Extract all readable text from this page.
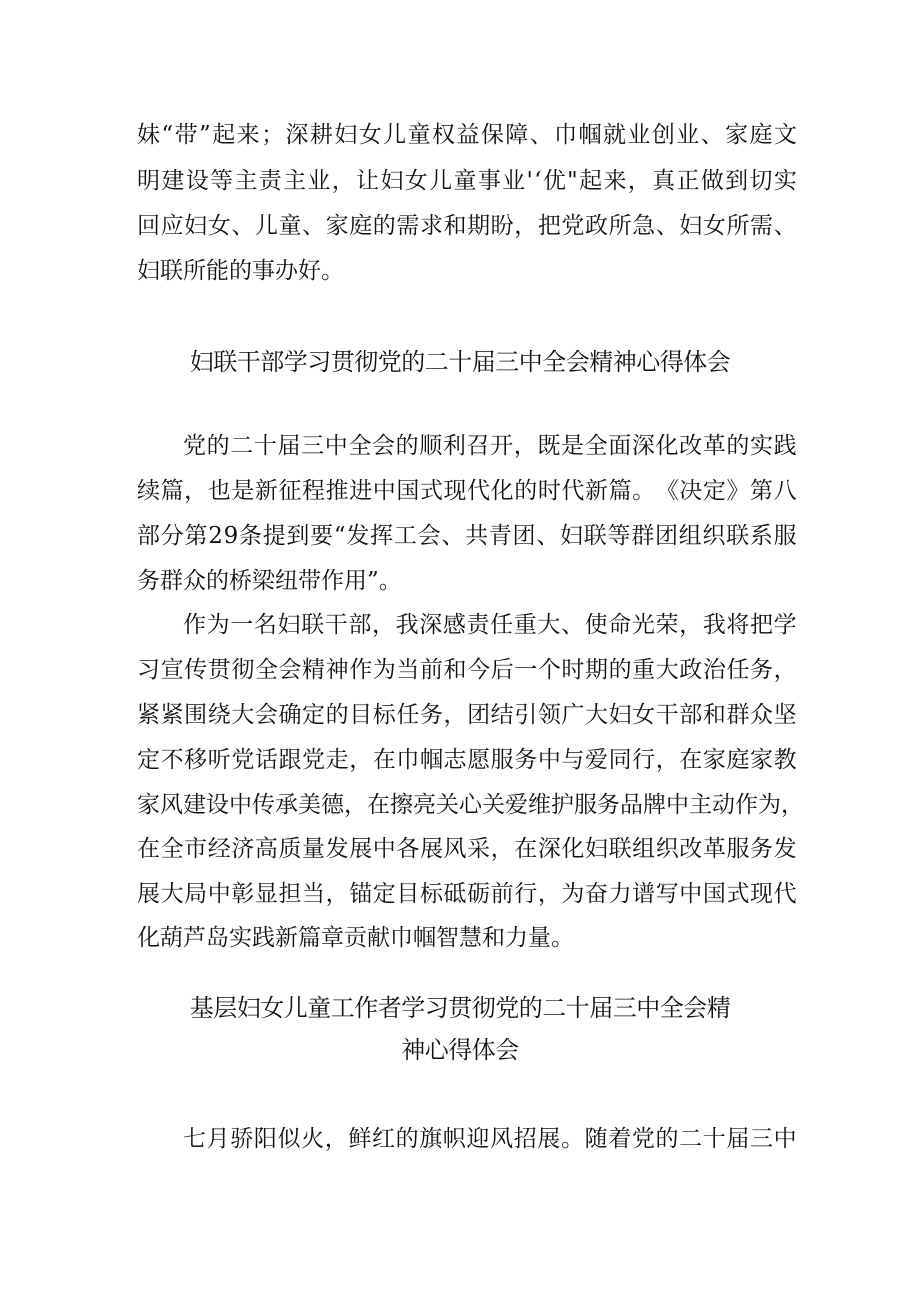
妹 “ 带 ” 起 来 ； 深 耕 妇 女 儿 童 权 益 保 障 、 巾 帼 就 业 创 业 、 家 庭 文
明 建 设 等 主 责 主 业 ， 让 妇 女 儿 童 事 业 ' ‘ 优 " 起 来 ， 真 正 做 到 切 实
回 应 妇 女 、 儿 童 、 家 庭 的 需 求 和 期 盼 ， 把 党 政 所 急 、 妇 女 所 需 、
妇联所能的事办好。
妇联干部学习贯彻党的二十届三中全会精神心得体会
党 的 二 十 届 三 中 全 会 的 顺 利 召 开 ， 既 是 全 面 深 化 改 革 的 实 践
续 篇 ， 也 是 新 征 程 推 进 中 国 式 现 代 化 的 时 代 新 篇 。 《 决 定 》 第 八
部 分 第 2 9 条 提 到 要 “ 发 挥 工 会 、 共 青 团 、 妇 联 等 群 团 组 织 联 系 服
务群众的桥梁纽带作用”。
作 为 一 名 妇 联 干 部 ， 我 深 感 责 任 重 大 、 使 命 光 荣 ， 我 将 把 学
习 宣 传 贯 彻 全 会 精 神 作 为 当 前 和 今 后 一 个 时 期 的 重 大 政 治 任 务 ，
紧 紧 围 绕 大 会 确 定 的 目 标 任 务 ， 团 结 引 领 广 大 妇 女 干 部 和 群 众 坚
定 不 移 听 党 话 跟 党 走 ， 在 巾 帼 志 愿 服 务 中 与 爱 同 行 ， 在 家 庭 家 教
家 风 建 设 中 传 承 美 德 ， 在 擦 亮 关 心 关 爱 维 护 服 务 品 牌 中 主 动 作 为 ，
在 全 市 经 济 高 质 量 发 展 中 各 展 风 采 ， 在 深 化 妇 联 组 织 改 革 服 务 发
展 大 局 中 彰 显 担 当 ， 锚 定 目 标 砥 砺 前 行 ， 为 奋 力 谱 写 中 国 式 现 代
化葫芦岛实践新篇章贡献巾帼智慧和力量。
基层妇女儿童工作者学习贯彻党的二十届三中全会精
神心得体会
七 月 骄 阳 似 火 ， 鲜 红 的 旗 帜 迎 风 招 展 。 随 着 党 的 二 十 届 三 中
